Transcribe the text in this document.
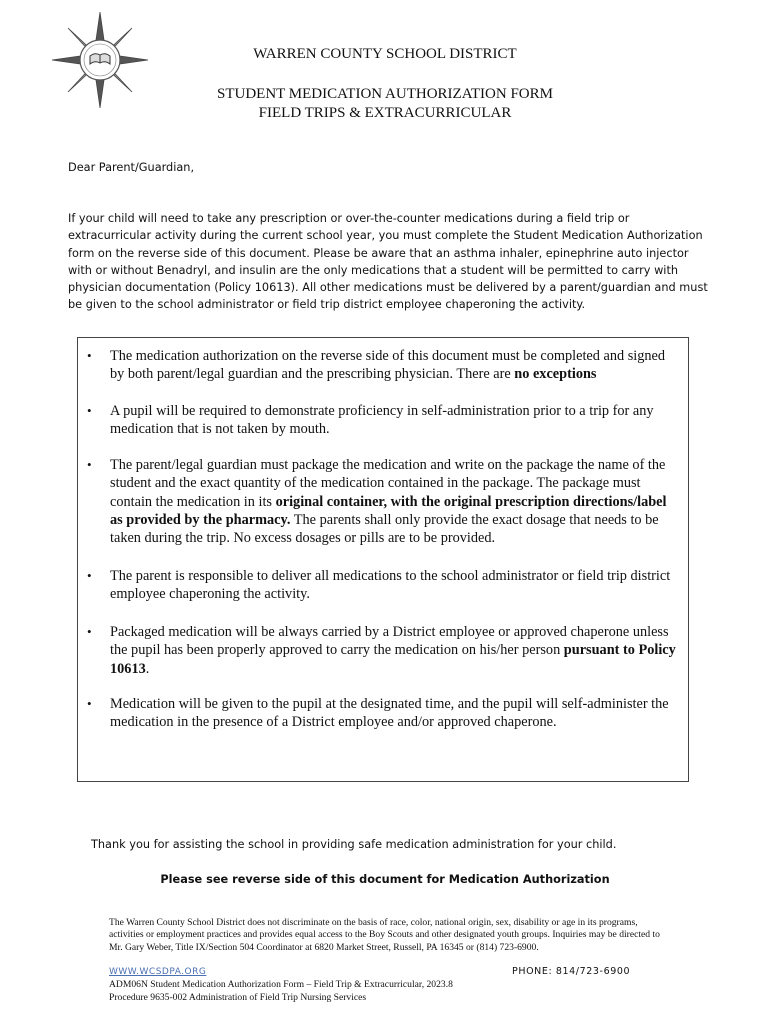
WARREN COUNTY SCHOOL DISTRICT
STUDENT MEDICATION AUTHORIZATION FORM
FIELD TRIPS & EXTRACURRICULAR
Dear Parent/Guardian,

If your child will need to take any prescription or over-the-counter medications during a field trip or extracurricular activity during the current school year, you must complete the Student Medication Authorization form on the reverse side of this document. Please be aware that an asthma inhaler, epinephrine auto injector with or without Benadryl, and insulin are the only medications that a student will be permitted to carry with physician documentation (Policy 10613). All other medications must be delivered by a parent/guardian and must be given to the school administrator or field trip district employee chaperoning the activity.

• The medication authorization on the reverse side of this document must be completed and signed by both parent/legal guardian and the prescribing physician. There are no exceptions
• A pupil will be required to demonstrate proficiency in self-administration prior to a trip for any medication that is not taken by mouth.
• The parent/legal guardian must package the medication and write on the package the name of the student and the exact quantity of the medication contained in the package. The package must contain the medication in its original container, with the original prescription directions/label as provided by the pharmacy. The parents shall only provide the exact dosage that needs to be taken during the trip. No excess dosages or pills are to be provided.
• The parent is responsible to deliver all medications to the school administrator or field trip district employee chaperoning the activity.
• Packaged medication will be always carried by a District employee or approved chaperone unless the pupil has been properly approved to carry the medication on his/her person pursuant to Policy 10613.
• Medication will be given to the pupil at the designated time, and the pupil will self-administer the medication in the presence of a District employee and/or approved chaperone.
Thank you for assisting the school in providing safe medication administration for your child.
Please see reverse side of this document for Medication Authorization

The Warren County School District does not discriminate on the basis of race, color, national origin, sex, disability or age in its programs, activities or employment practices and provides equal access to the Boy Scouts and other designated youth groups. Inquiries may be directed to Mr. Gary Weber, Title IX/Section 504 Coordinator at 6820 Market Street, Russell, PA 16345 or (814) 723-6900.

WWW.WCSDPA.ORG	PHONE: 814/723-6900
ADM06N Student Medication Authorization Form – Field Trip & Extracurricular, 2023.8
Procedure 9635-002 Administration of Field Trip Nursing Services
